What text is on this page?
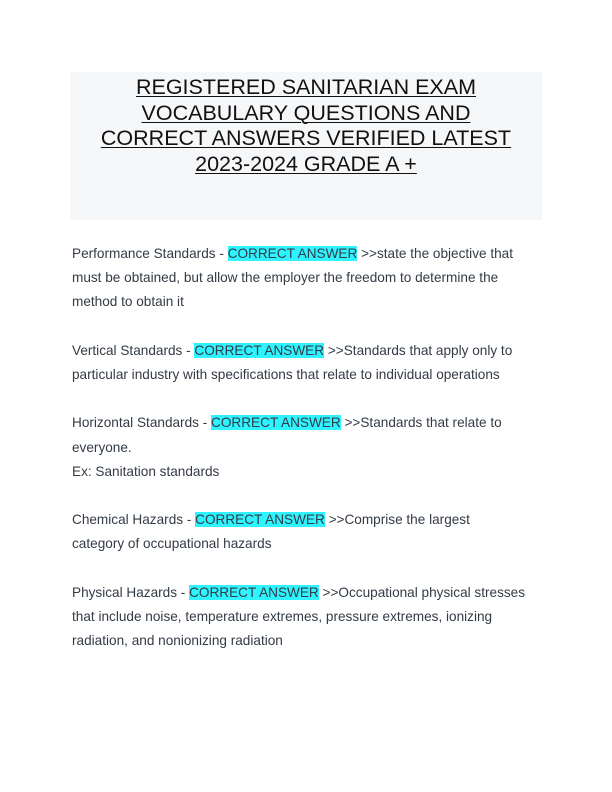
REGISTERED SANITARIAN EXAM
VOCABULARY QUESTIONS AND
CORRECT ANSWERS VERIFIED LATEST
2023-2024 GRADE A +
Performance Standards - CORRECT ANSWER >>state the objective that
must be obtained, but allow the employer the freedom to determine the
method to obtain it
Vertical Standards - CORRECT ANSWER >>Standards that apply only to
particular industry with specifications that relate to individual operations
Horizontal Standards - CORRECT ANSWER >>Standards that relate to
everyone.
Ex: Sanitation standards
Chemical Hazards - CORRECT ANSWER >>Comprise the largest
category of occupational hazards
Physical Hazards - CORRECT ANSWER >>Occupational physical stresses
that include noise, temperature extremes, pressure extremes, ionizing
radiation, and nonionizing radiation
